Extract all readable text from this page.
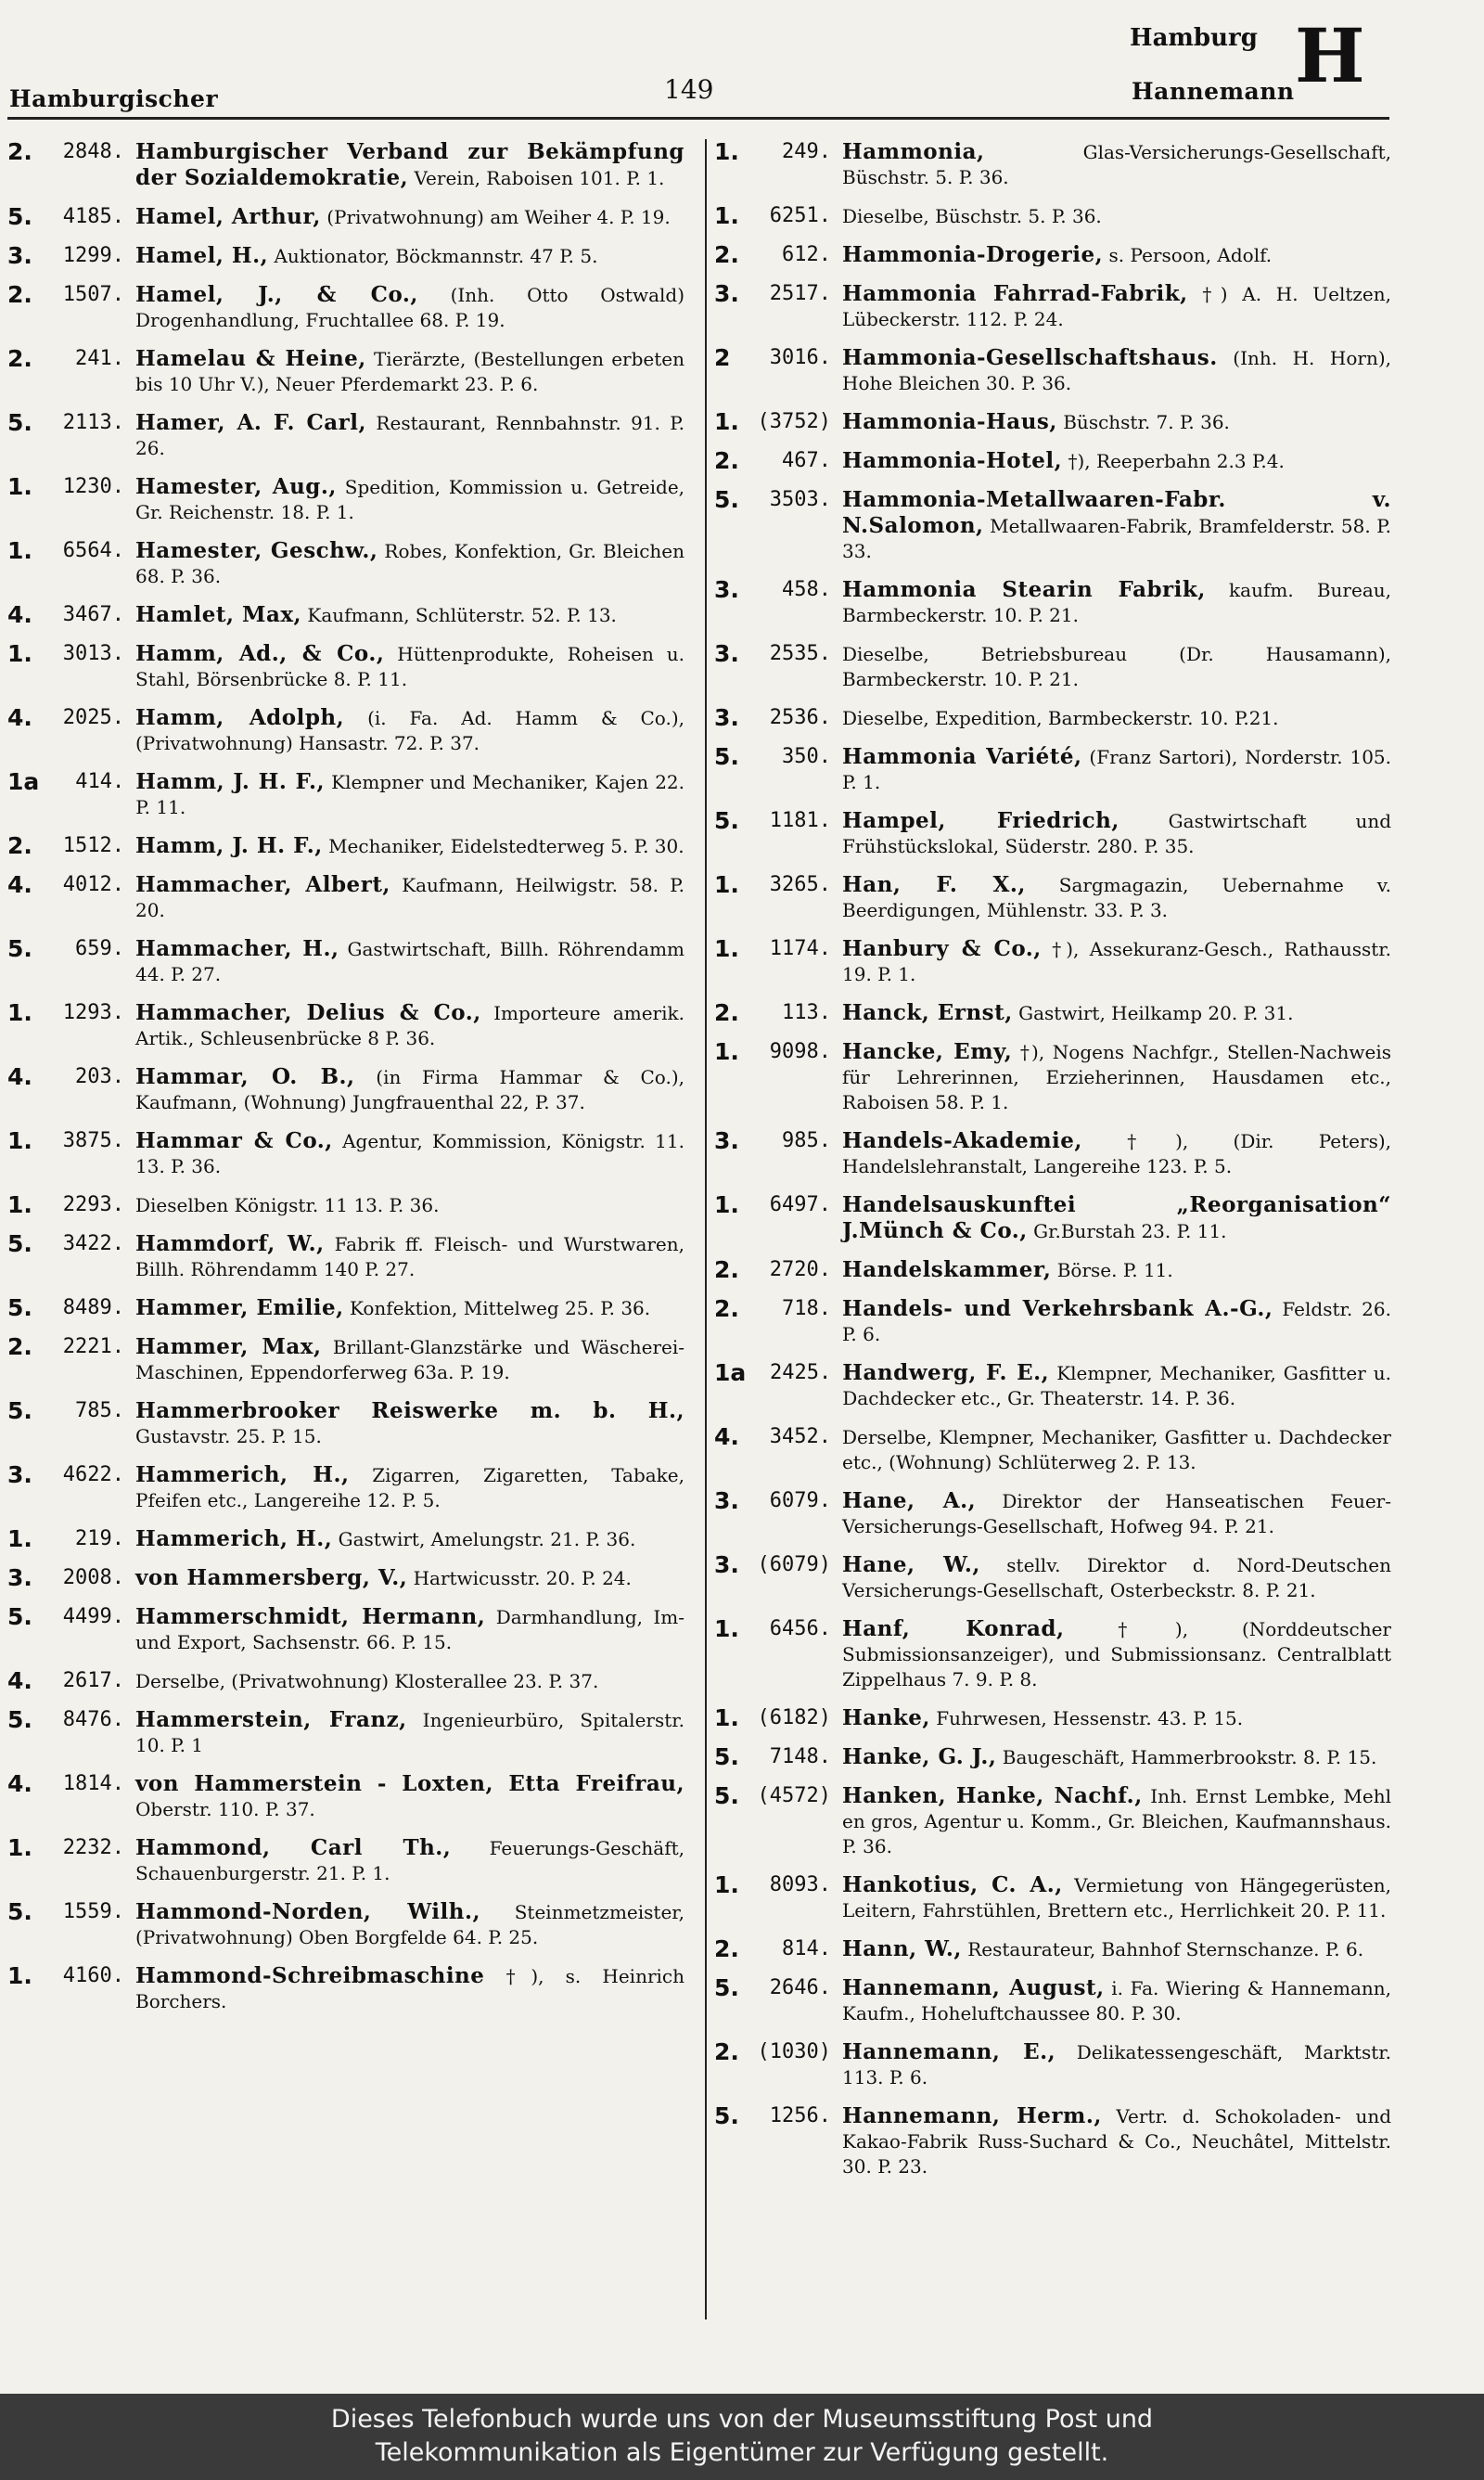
Hamburgischer	149
Hamburg
Hannemann H
2.	2848. Hamburgischer Verband zur Bekämpfung der Sozialdemokratie, Verein, Raboisen 101. P. 1.
5.	4185. Hamel, Arthur, (Privatwohnung) am Weiher 4. P. 19.
3.	1299. Hamel, H., Auktionator, Böckmannstr. 47 P. 5.
2.	1507. Hamel, J., & Co., (Inh. Otto Ostwald) Drogenhandlung, Fruchtallee 68. P. 19.
2.	241. Hamelau & Heine, Tierärzte, (Bestellungen erbeten bis 10 Uhr V.), Neuer Pferdemarkt 23. P. 6.
5.	2113. Hamer, A. F. Carl, Restaurant, Rennbahnstr. 91. P. 26.
1.	1230. Hamester, Aug., Spedition, Kommission u. Getreide, Gr. Reichenstr. 18. P. 1.
1.	6564. Hamester, Geschw., Robes, Konfektion, Gr. Bleichen 68. P. 36.
4.	3467. Hamlet, Max, Kaufmann, Schlüterstr. 52. P. 13.
1.	3013. Hamm, Ad., & Co., Hüttenprodukte, Roheisen u. Stahl, Börsenbrücke 8. P. 11.
4.	2025. Hamm, Adolph, (i. Fa. Ad. Hamm & Co.), (Privatwohnung) Hansastr. 72. P. 37.
1a	414. Hamm, J. H. F., Klempner und Mechaniker, Kajen 22. P. 11.
2.	1512. Hamm, J. H. F., Mechaniker, Eidelstedterweg 5. P. 30.
4.	4012. Hammacher, Albert, Kaufmann, Heilwigstr. 58. P. 20.
5.	659. Hammacher, H., Gastwirtschaft, Billh. Röhrendamm 44. P. 27.
1.	1293. Hammacher, Delius & Co., Importeure amerik. Artik., Schleusenbrücke 8 P. 36.
4.	203. Hammar, O. B., (in Firma Hammar & Co.), Kaufmann, (Wohnung) Jungfrauenthal 22, P. 37.
1.	3875. Hammar & Co., Agentur, Kommission, Königstr. 11. 13. P. 36.
1.	2293. Dieselben Königstr. 11 13. P. 36.
5.	3422. Hammdorf, W., Fabrik ff. Fleisch- und Wurstwaren, Billh. Röhrendamm 140 P. 27.
5.	8489. Hammer, Emilie, Konfektion, Mittelweg 25. P. 36.
2.	2221. Hammer, Max, Brillant-Glanzstärke und Wäscherei-Maschinen, Eppendorferweg 63a. P. 19.
5.	785. Hammerbrooker Reiswerke m. b. H., Gustavstr. 25. P. 15.
3.	4622. Hammerich, H., Zigarren, Zigaretten, Tabake, Pfeifen etc., Langereihe 12. P. 5.
1.	219. Hammerich, H., Gastwirt, Amelungstr. 21. P. 36.
3.	2008. von Hammersberg, V., Hartwicusstr. 20. P. 24.
5.	4499. Hammerschmidt, Hermann, Darmhandlung, Im- und Export, Sachsenstr. 66. P. 15.
4.	2617. Derselbe, (Privatwohnung) Klosterallee 23. P. 37.
5.	8476. Hammerstein, Franz, Ingenieurbüro, Spitalerstr. 10. P. 1
4.	1814. von Hammerstein - Loxten, Etta Freifrau, Oberstr. 110. P. 37.
1.	2232. Hammond, Carl Th., Feuerungs-Geschäft, Schauenburgerstr. 21. P. 1.
5.	1559. Hammond-Norden, Wilh., Steinmetzmeister, (Privatwohnung) Oben Borgfelde 64. P. 25.
1.	4160. Hammond-Schreibmaschine †), s. Heinrich Borchers.
1.	249. Hammonia,	Glas-Versicherungs-Gesellschaft, Büschstr. 5. P. 36.
1.	6251. Dieselbe, Büschstr. 5. P. 36.
2.	612. Hammonia-Drogerie, s. Persoon, Adolf.
3.	2517. Hammonia Fahrrad-Fabrik, †) A. H. Ueltzen, Lübeckerstr. 112. P. 24.
2	3016. Hammonia-Gesellschaftshaus. (Inh. H. Horn), Hohe Bleichen 30. P. 36.
1. (3752) Hammonia-Haus, Büschstr. 7. P. 36.
2.	467. Hammonia-Hotel, †), Reeperbahn 2.3 P.4.
5.	3503. Hammonia-Metallwaaren-Fabr. v. N.Salomon, Metallwaaren-Fabrik, Bramfelderstr. 58. P. 33.
3.	458. Hammonia Stearin Fabrik, kaufm. Bureau, Barmbeckerstr. 10. P. 21.
3.	2535. Dieselbe, Betriebsbureau (Dr. Hausamann), Barmbeckerstr. 10. P. 21.
3.	2536. Dieselbe, Expedition, Barmbeckerstr. 10. P.21.
5.	350. Hammonia Variété, (Franz Sartori), Norderstr. 105. P. 1.
5.	1181. Hampel, Friedrich,	Gastwirtschaft und Frühstückslokal, Süderstr. 280. P. 35.
1.	3265. Han, F. X., Sargmagazin, Uebernahme v. Beerdigungen, Mühlenstr. 33. P. 3.
1.	1174. Hanbury & Co., †), Assekuranz-Gesch., Rathausstr. 19. P. 1.
2.	113. Hanck, Ernst, Gastwirt, Heilkamp 20. P. 31.
1.	9098. Hancke, Emy, †), Nogens Nachfgr., Stellen-Nachweis für Lehrerinnen, Erzieherinnen, Hausdamen etc., Raboisen 58. P. 1.
3.	985. Handels-Akademie, †), (Dir. Peters), Handelslehranstalt, Langereihe 123. P. 5.
1.	6497. Handelsauskunftei „Reorganisation“ J.Münch & Co., Gr.Burstah 23. P. 11.
2.	2720. Handelskammer, Börse. P. 11.
2.	718. Handels- und Verkehrsbank A.-G., Feldstr. 26. P. 6.
1a	2425. Handwerg, F. E., Klempner, Mechaniker, Gasfitter u. Dachdecker etc., Gr. Theaterstr. 14. P. 36.
4.	3452. Derselbe, Klempner, Mechaniker, Gasfitter u. Dachdecker etc., (Wohnung) Schlüterweg 2. P. 13.
3.	6079. Hane, A., Direktor der Hanseatischen Feuer-Versicherungs-Gesellschaft, Hofweg 94. P. 21.
3. (6079) Hane, W., stellv. Direktor d. Nord-Deutschen Versicherungs-Gesellschaft, Osterbeckstr. 8. P. 21.
1.	6456. Hanf, Konrad,	†), (Norddeutscher Submissionsanzeiger), und Submissionsanz. Centralblatt Zippelhaus 7. 9. P. 8.
1. (6182) Hanke, Fuhrwesen, Hessenstr. 43. P. 15.
5.	7148. Hanke, G. J., Baugeschäft, Hammerbrookstr. 8. P. 15.
5. (4572) Hanken, Hanke, Nachf., Inh. Ernst Lembke, Mehl en gros, Agentur u. Komm., Gr. Bleichen, Kaufmannshaus. P. 36.
1.	8093. Hankotius, C. A., Vermietung von Hängegerüsten, Leitern, Fahrstühlen, Brettern etc., Herrlichkeit 20. P. 11.
2.	814. Hann, W., Restaurateur, Bahnhof Sternschanze. P. 6.
5.	2646. Hannemann, August, i. Fa. Wiering & Hannemann, Kaufm., Hoheluftchaussee 80. P. 30.
2. (1030) Hannemann, E., Delikatessengeschäft, Marktstr. 113. P. 6.
5.	1256. Hannemann, Herm., Vertr. d. Schokoladen- und Kakao-Fabrik Russ-Suchard & Co., Neuchâtel, Mittelstr. 30. P. 23.
Dieses Telefonbuch wurde uns von der Museumsstiftung Post und
Telekommunikation als Eigentümer zur Verfügung gestellt.
